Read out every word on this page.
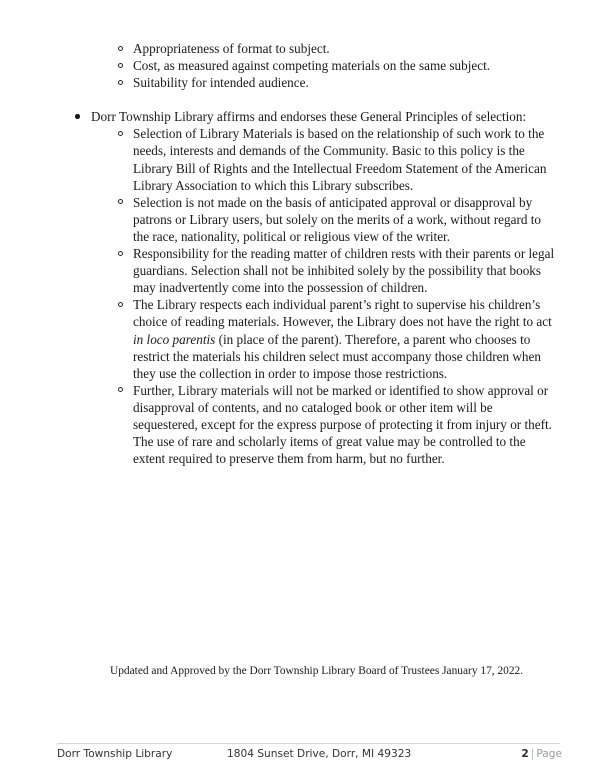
Appropriateness of format to subject.
Cost, as measured against competing materials on the same subject.
Suitability for intended audience.
Dorr Township Library affirms and endorses these General Principles of selection:
Selection of Library Materials is based on the relationship of such work to the needs, interests and demands of the Community. Basic to this policy is the Library Bill of Rights and the Intellectual Freedom Statement of the American Library Association to which this Library subscribes.
Selection is not made on the basis of anticipated approval or disapproval by patrons or Library users, but solely on the merits of a work, without regard to the race, nationality, political or religious view of the writer.
Responsibility for the reading matter of children rests with their parents or legal guardians. Selection shall not be inhibited solely by the possibility that books may inadvertently come into the possession of children.
The Library respects each individual parent’s right to supervise his children’s choice of reading materials. However, the Library does not have the right to act in loco parentis (in place of the parent). Therefore, a parent who chooses to restrict the materials his children select must accompany those children when they use the collection in order to impose those restrictions.
Further, Library materials will not be marked or identified to show approval or disapproval of contents, and no cataloged book or other item will be sequestered, except for the express purpose of protecting it from injury or theft. The use of rare and scholarly items of great value may be controlled to the extent required to preserve them from harm, but no further.
Updated and Approved by the Dorr Township Library Board of Trustees January 17, 2022.
Dorr Township Library	1804 Sunset Drive, Dorr, MI 49323	2 | Page
